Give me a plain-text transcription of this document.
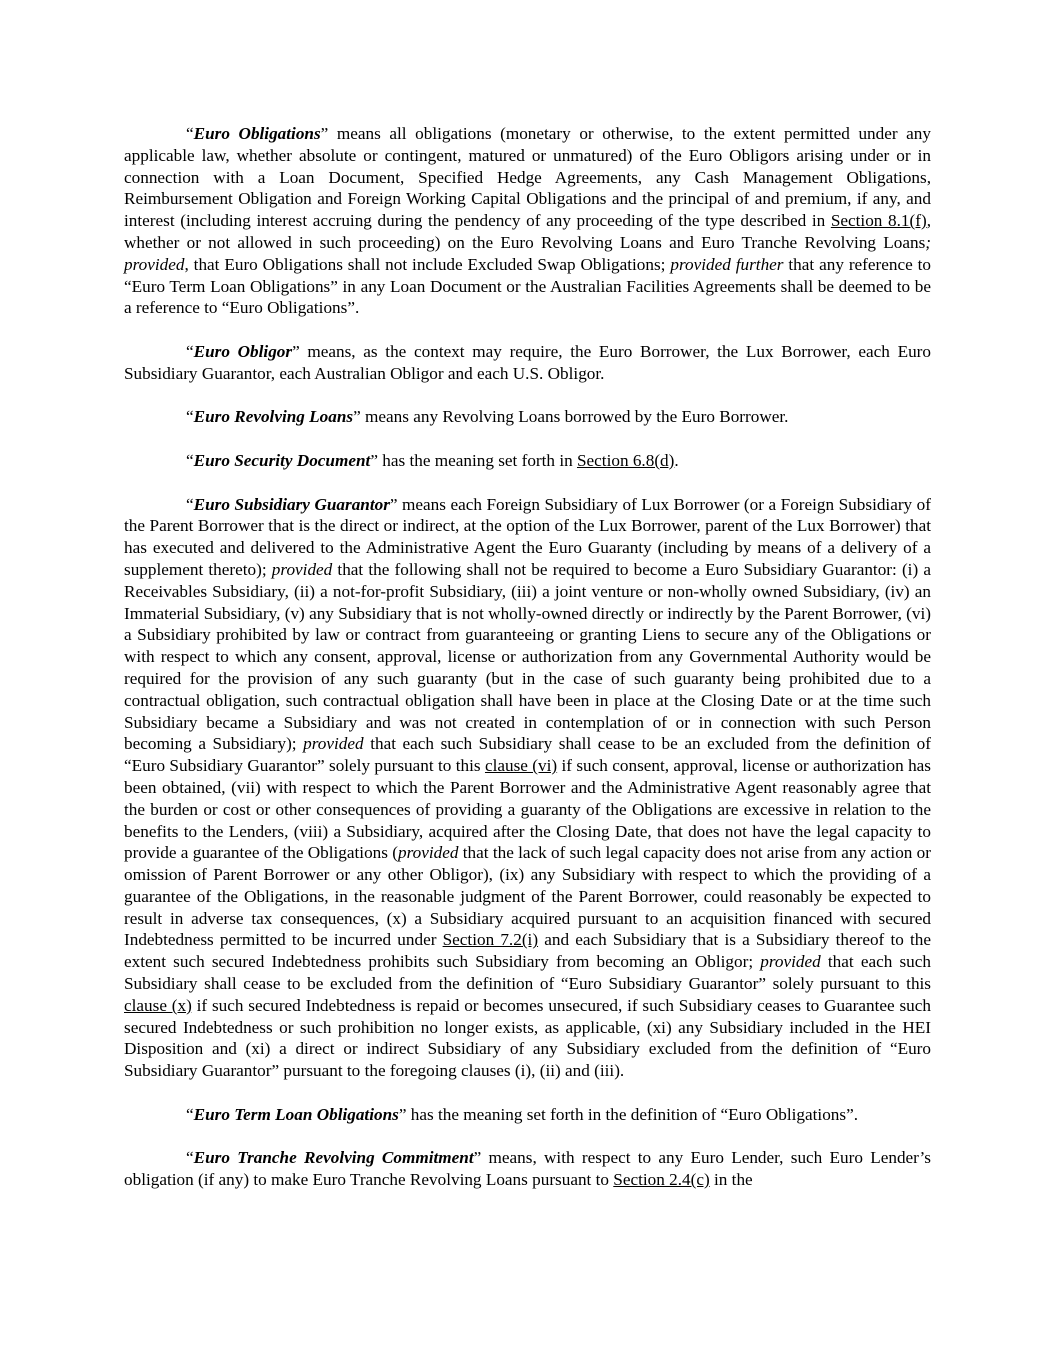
“Euro Obligations” means all obligations (monetary or otherwise, to the extent permitted under any applicable law, whether absolute or contingent, matured or unmatured) of the Euro Obligors arising under or in connection with a Loan Document, Specified Hedge Agreements, any Cash Management Obligations, Reimbursement Obligation and Foreign Working Capital Obligations and the principal of and premium, if any, and interest (including interest accruing during the pendency of any proceeding of the type described in Section 8.1(f), whether or not allowed in such proceeding) on the Euro Revolving Loans and Euro Tranche Revolving Loans; provided, that Euro Obligations shall not include Excluded Swap Obligations; provided further that any reference to “Euro Term Loan Obligations” in any Loan Document or the Australian Facilities Agreements shall be deemed to be a reference to “Euro Obligations”.

“Euro Obligor” means, as the context may require, the Euro Borrower, the Lux Borrower, each Euro Subsidiary Guarantor, each Australian Obligor and each U.S. Obligor.

“Euro Revolving Loans” means any Revolving Loans borrowed by the Euro Borrower.

“Euro Security Document” has the meaning set forth in Section 6.8(d).

“Euro Subsidiary Guarantor” means each Foreign Subsidiary of Lux Borrower (or a Foreign Subsidiary of the Parent Borrower that is the direct or indirect, at the option of the Lux Borrower, parent of the Lux Borrower) that has executed and delivered to the Administrative Agent the Euro Guaranty (including by means of a delivery of a supplement thereto); provided that the following shall not be required to become a Euro Subsidiary Guarantor: (i) a Receivables Subsidiary, (ii) a not-for-profit Subsidiary, (iii) a joint venture or non-wholly owned Subsidiary, (iv) an Immaterial Subsidiary, (v) any Subsidiary that is not wholly-owned directly or indirectly by the Parent Borrower, (vi) a Subsidiary prohibited by law or contract from guaranteeing or granting Liens to secure any of the Obligations or with respect to which any consent, approval, license or authorization from any Governmental Authority would be required for the provision of any such guaranty (but in the case of such guaranty being prohibited due to a contractual obligation, such contractual obligation shall have been in place at the Closing Date or at the time such Subsidiary became a Subsidiary and was not created in contemplation of or in connection with such Person becoming a Subsidiary); provided that each such Subsidiary shall cease to be an excluded from the definition of “Euro Subsidiary Guarantor” solely pursuant to this clause (vi) if such consent, approval, license or authorization has been obtained, (vii) with respect to which the Parent Borrower and the Administrative Agent reasonably agree that the burden or cost or other consequences of providing a guaranty of the Obligations are excessive in relation to the benefits to the Lenders, (viii) a Subsidiary, acquired after the Closing Date, that does not have the legal capacity to provide a guarantee of the Obligations (provided that the lack of such legal capacity does not arise from any action or omission of Parent Borrower or any other Obligor), (ix) any Subsidiary with respect to which the providing of a guarantee of the Obligations, in the reasonable judgment of the Parent Borrower, could reasonably be expected to result in adverse tax consequences, (x) a Subsidiary acquired pursuant to an acquisition financed with secured Indebtedness permitted to be incurred under Section 7.2(i) and each Subsidiary that is a Subsidiary thereof to the extent such secured Indebtedness prohibits such Subsidiary from becoming an Obligor; provided that each such Subsidiary shall cease to be excluded from the definition of “Euro Subsidiary Guarantor” solely pursuant to this clause (x) if such secured Indebtedness is repaid or becomes unsecured, if such Subsidiary ceases to Guarantee such secured Indebtedness or such prohibition no longer exists, as applicable, (xi) any Subsidiary included in the HEI Disposition and (xi) a direct or indirect Subsidiary of any Subsidiary excluded from the definition of “Euro Subsidiary Guarantor” pursuant to the foregoing clauses (i), (ii) and (iii).

“Euro Term Loan Obligations” has the meaning set forth in the definition of “Euro Obligations”.

“Euro Tranche Revolving Commitment” means, with respect to any Euro Lender, such Euro Lender’s obligation (if any) to make Euro Tranche Revolving Loans pursuant to Section 2.4(c) in the
